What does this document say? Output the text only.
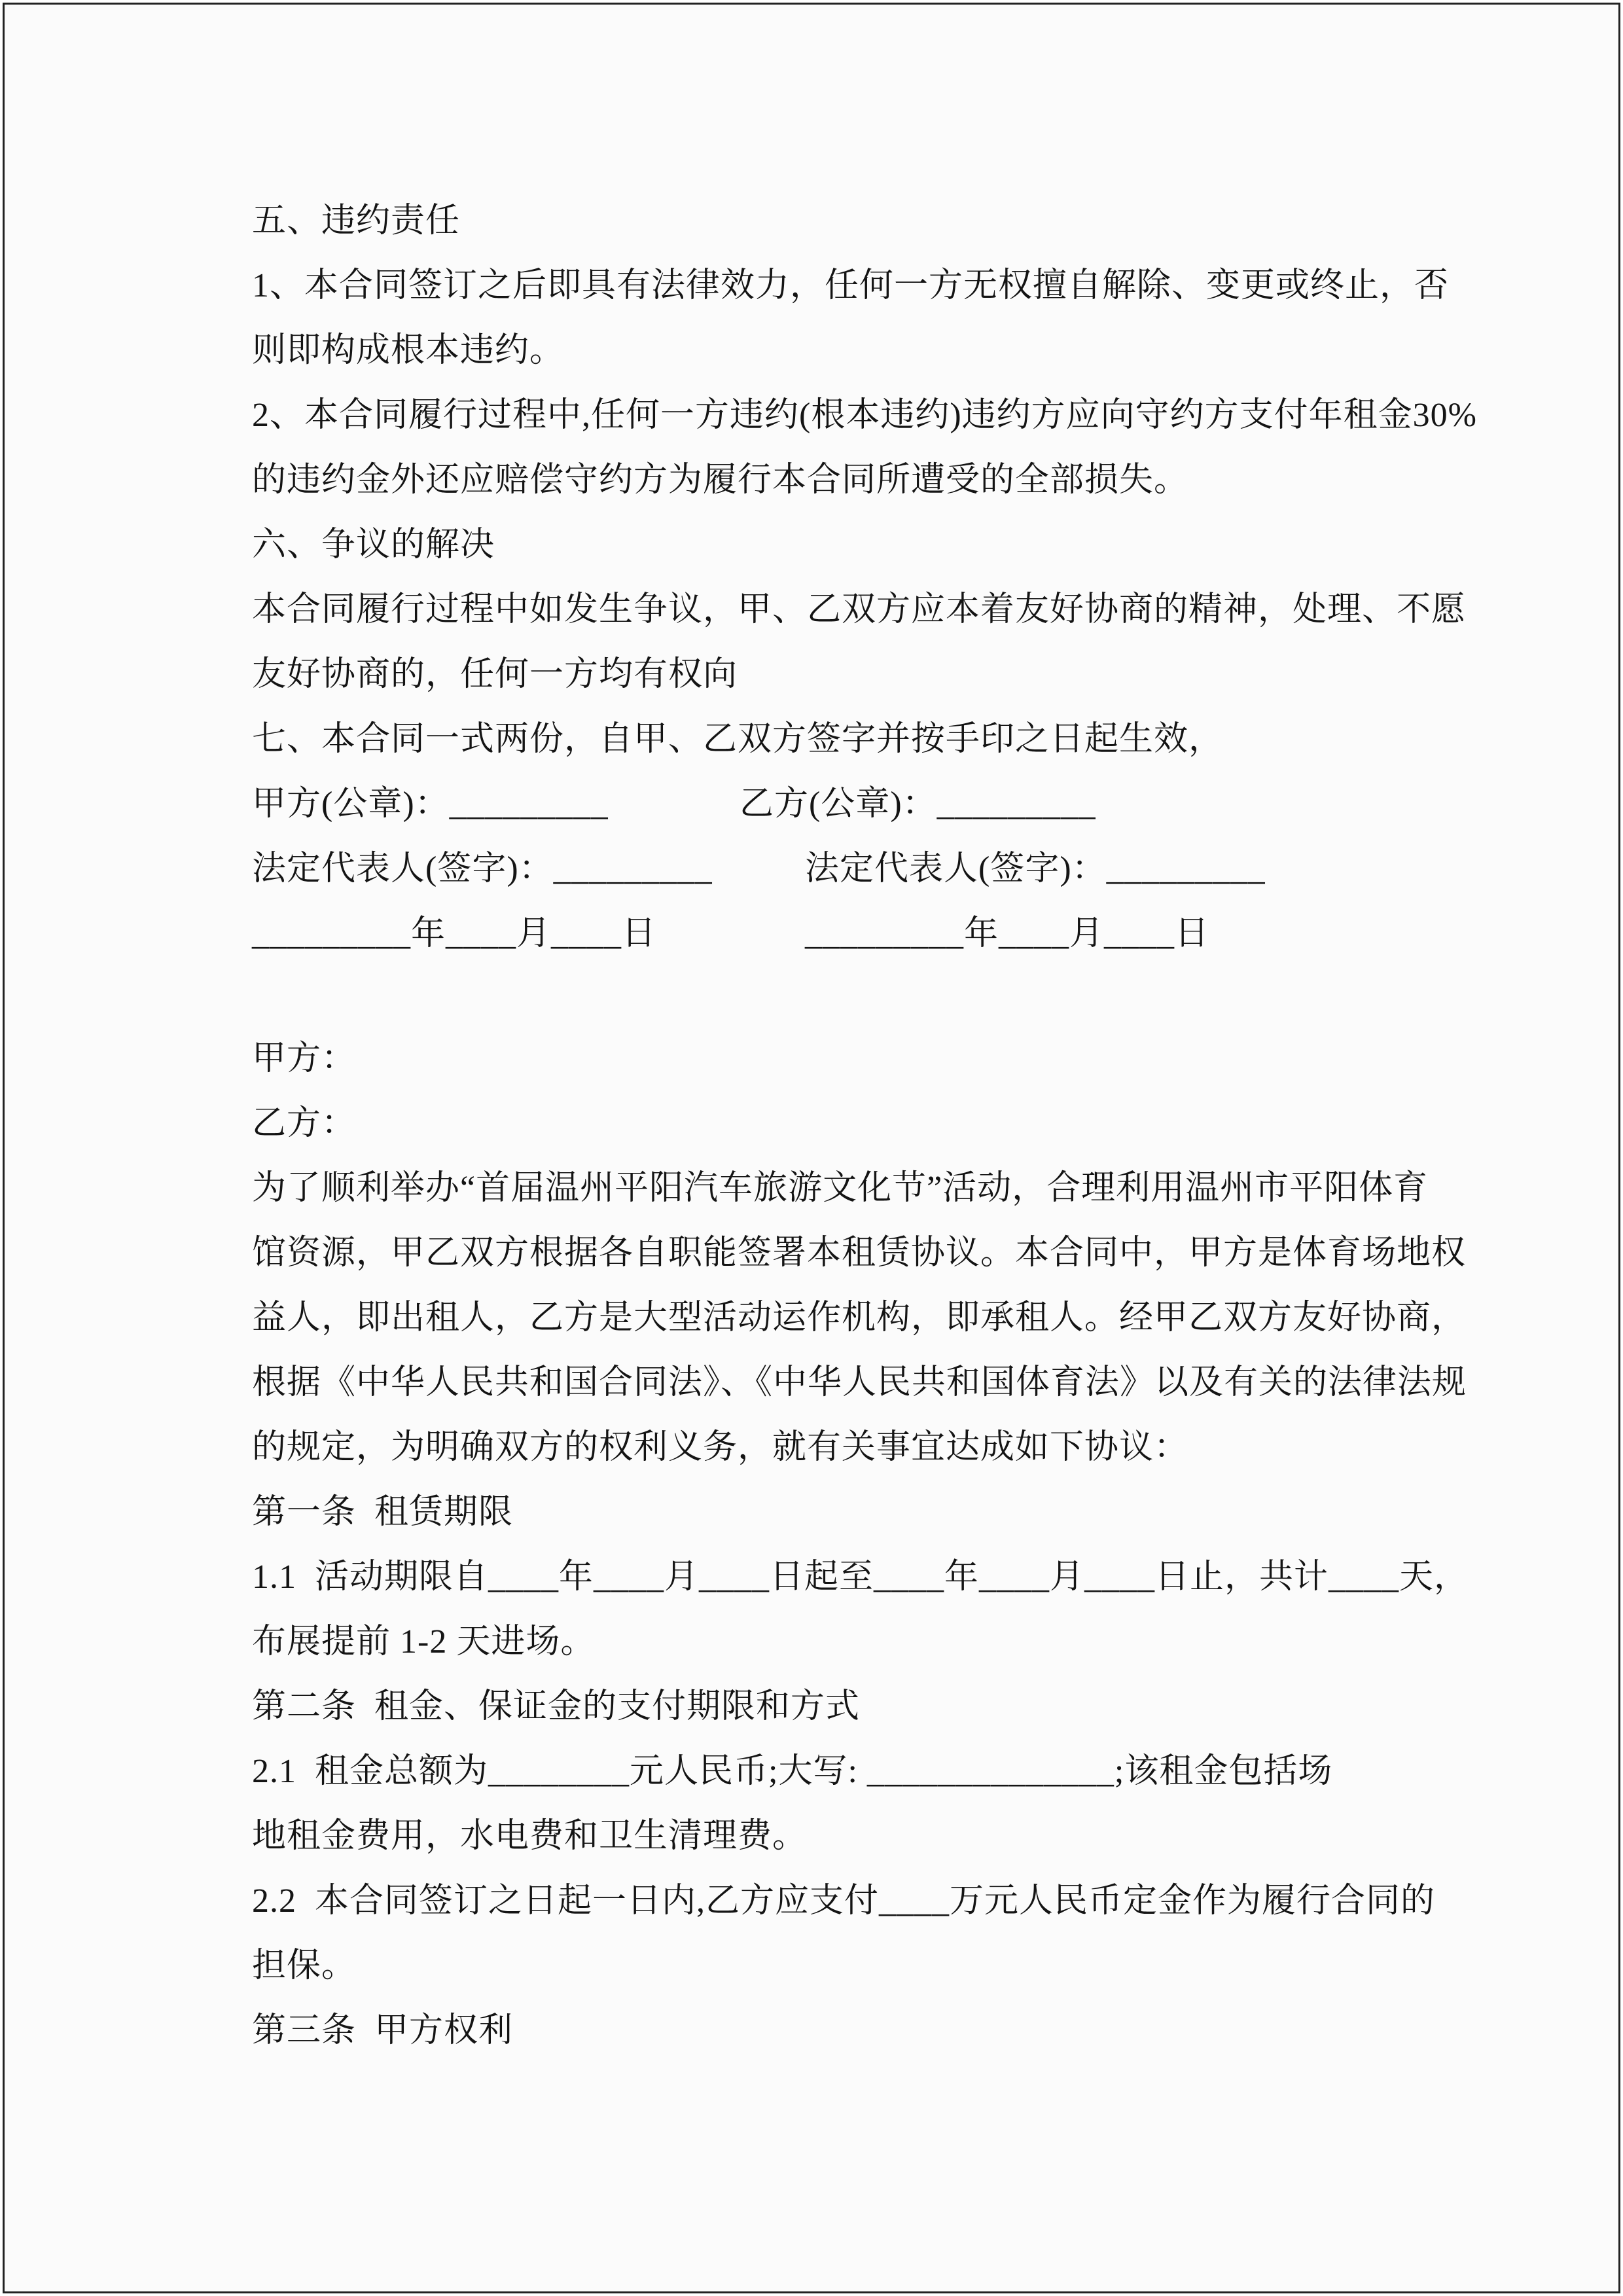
五、违约责任
1、本合同签订之后即具有法律效力，任何一方无权擅自解除、变更或终止，否
则即构成根本违约。
2、本合同履行过程中,任何一方违约(根本违约)违约方应向守约方支付年租金30%
的违约金外还应赔偿守约方为履行本合同所遭受的全部损失。
六、争议的解决
本合同履行过程中如发生争议，甲、乙双方应本着友好协商的精神，处理、不愿
友好协商的，任何一方均有权向
七、本合同一式两份，自甲、乙双方签字并按手印之日起生效，
甲方(公章)：_________	乙方(公章)：_________
法定代表人(签字)：_________	法定代表人(签字)：_________
_________年____月____日	_________年____月____日
甲方：
乙方：
为了顺利举办“首届温州平阳汽车旅游文化节”活动，合理利用温州市平阳体育
馆资源，甲乙双方根据各自职能签署本租赁协议。本合同中，甲方是体育场地权
益人，即出租人，乙方是大型活动运作机构，即承租人。经甲乙双方友好协商，
根据《中华人民共和国合同法》、《中华人民共和国体育法》以及有关的法律法规
的规定，为明确双方的权利义务，就有关事宜达成如下协议：
第一条  租赁期限
1.1  活动期限自____年____月____日起至____年____月____日止，共计____天，
布展提前 1-2 天进场。
第二条  租金、保证金的支付期限和方式
2.1  租金总额为________元人民币;大写: ______________;该租金包括场
地租金费用，水电费和卫生清理费。
2.2  本合同签订之日起一日内,乙方应支付____万元人民币定金作为履行合同的
担保。
第三条  甲方权利
